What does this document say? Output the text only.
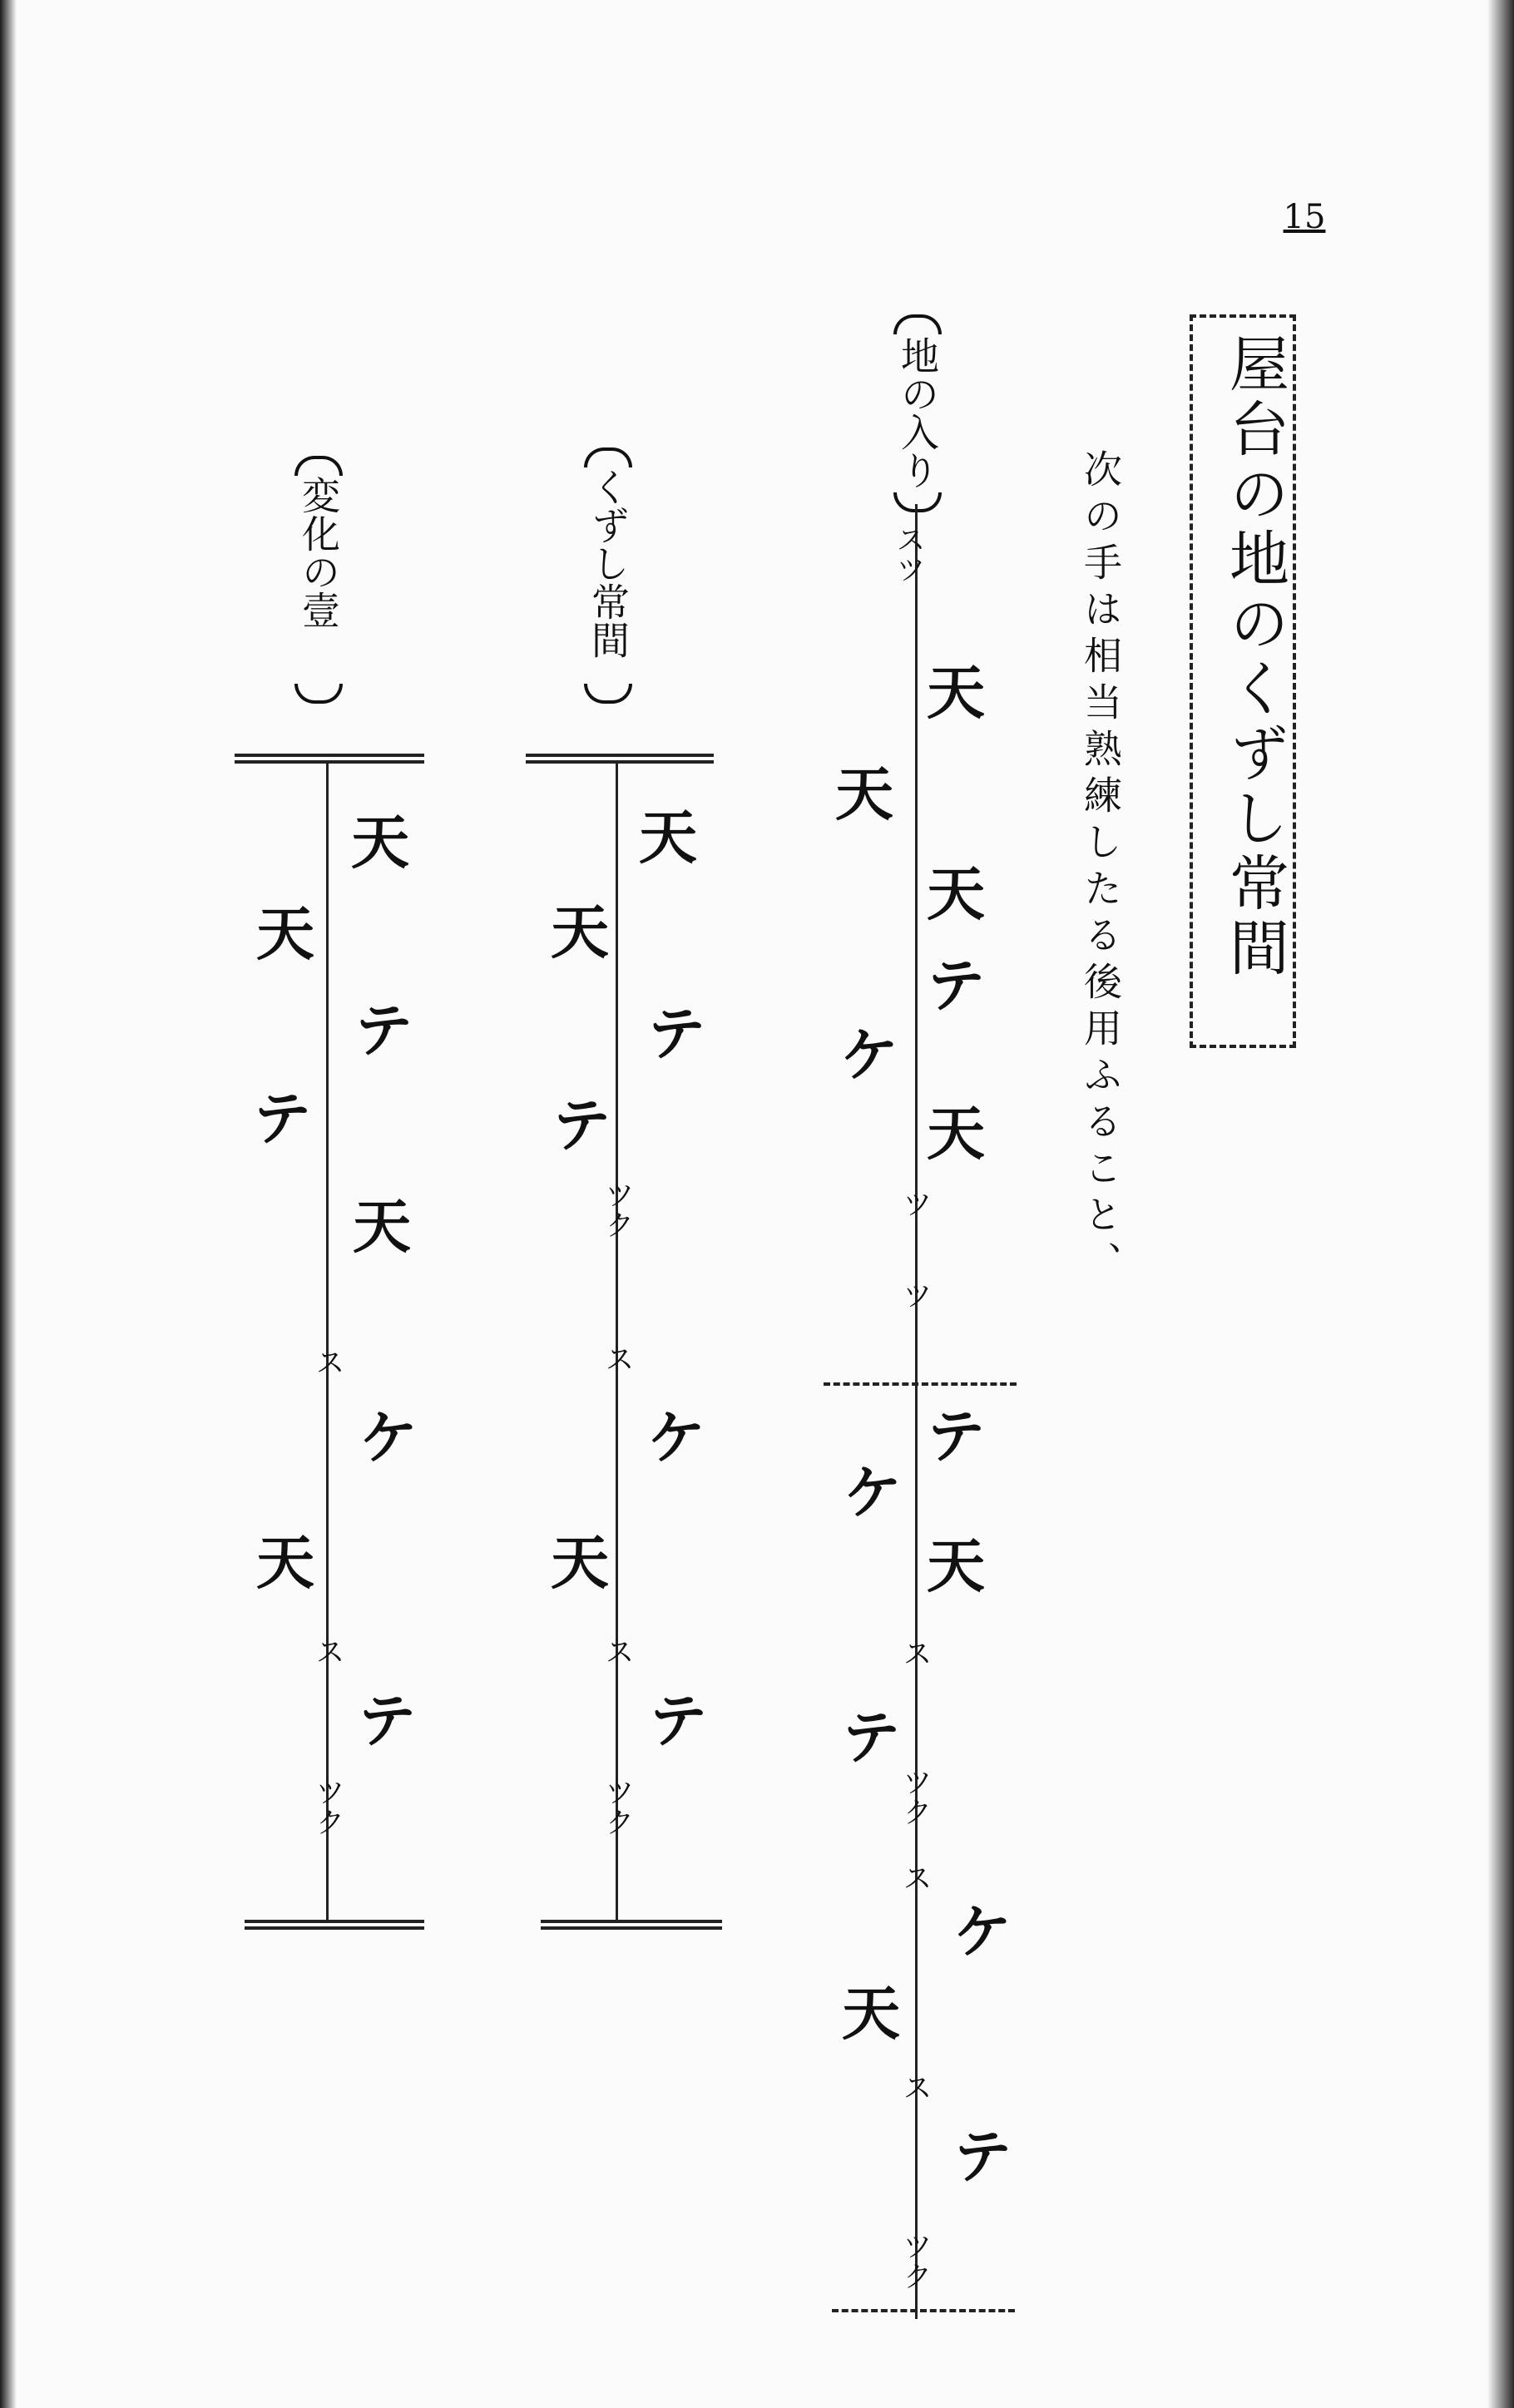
15
屋台の地のくずし常間
次の手は相当熟練したる後用ふること、
地の入り
ス
ツ
天
天
天
ケ
テ
天
ツ
ツ
テ
ケ
天
ス
テ
ツ
ク
ス
ケ
天
ス
テ
ツ
ク
くずし常間
天
天
テ
テ
ツ
ク
ス
ケ
天
ス
テ
ツ
ク
変化の壹
天
天
テ
テ
天
ス
ケ
天
ス
テ
ツ
ク
